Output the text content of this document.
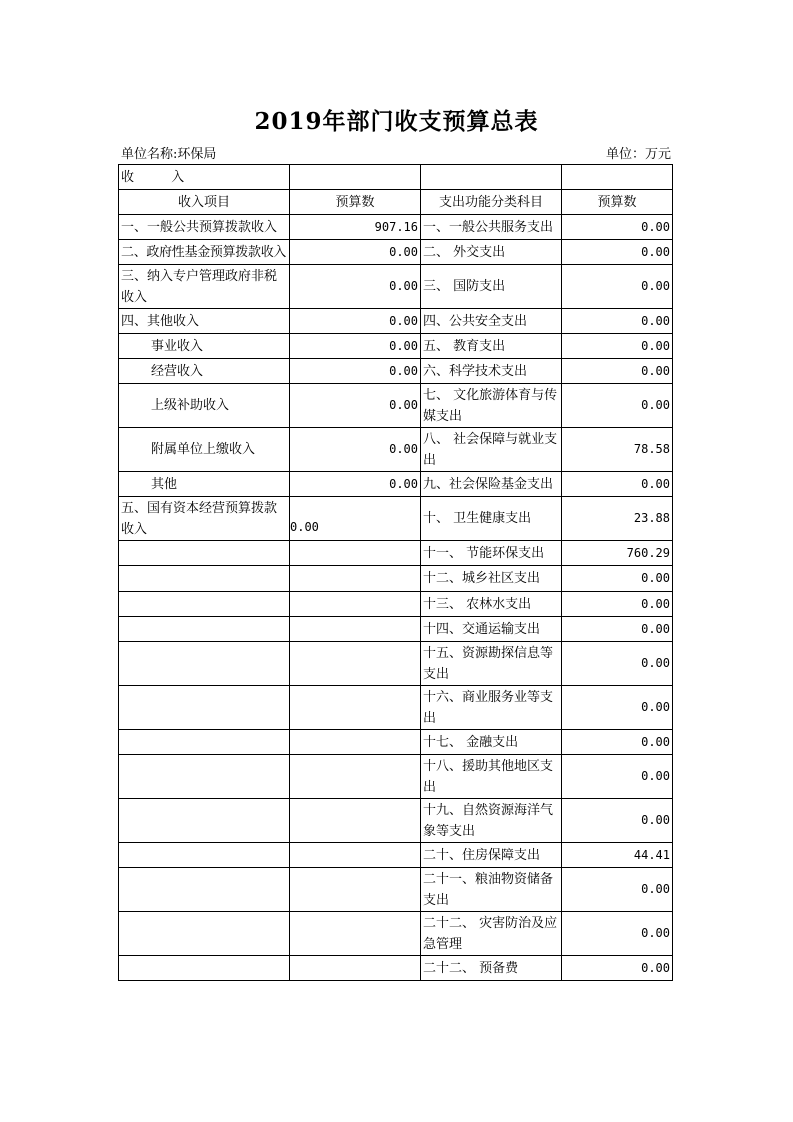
2019年部门收支预算总表
单位名称:环保局	单位：万元
收         入			
收入项目	预算数	支出功能分类科目	预算数
一、一般公共预算拨款收入	907.16	一、一般公共服务支出	0.00
二、政府性基金预算拨款收入	0.00	二、 外交支出	0.00
三、纳入专户管理政府非税收入	0.00	三、 国防支出	0.00
四、其他收入	0.00	四、公共安全支出	0.00
事业收入	0.00	五、 教育支出	0.00
经营收入	0.00	六、科学技术支出	0.00
上级补助收入	0.00	七、 文化旅游体育与传媒支出	0.00
附属单位上缴收入	0.00	八、 社会保障与就业支出	78.58
其他	0.00	九、社会保险基金支出	0.00
五、国有资本经营预算拨款收入	0.00	十、 卫生健康支出	23.88
		十一、 节能环保支出	760.29
		十二、城乡社区支出	0.00
		十三、 农林水支出	0.00
		十四、交通运输支出	0.00
		十五、资源勘探信息等支出	0.00
		十六、商业服务业等支出	0.00
		十七、 金融支出	0.00
		十八、援助其他地区支出	0.00
		十九、自然资源海洋气象等支出	0.00
		二十、住房保障支出	44.41
		二十一、粮油物资储备支出	0.00
		二十二、 灾害防治及应急管理	0.00
		二十二、 预备费	0.00
